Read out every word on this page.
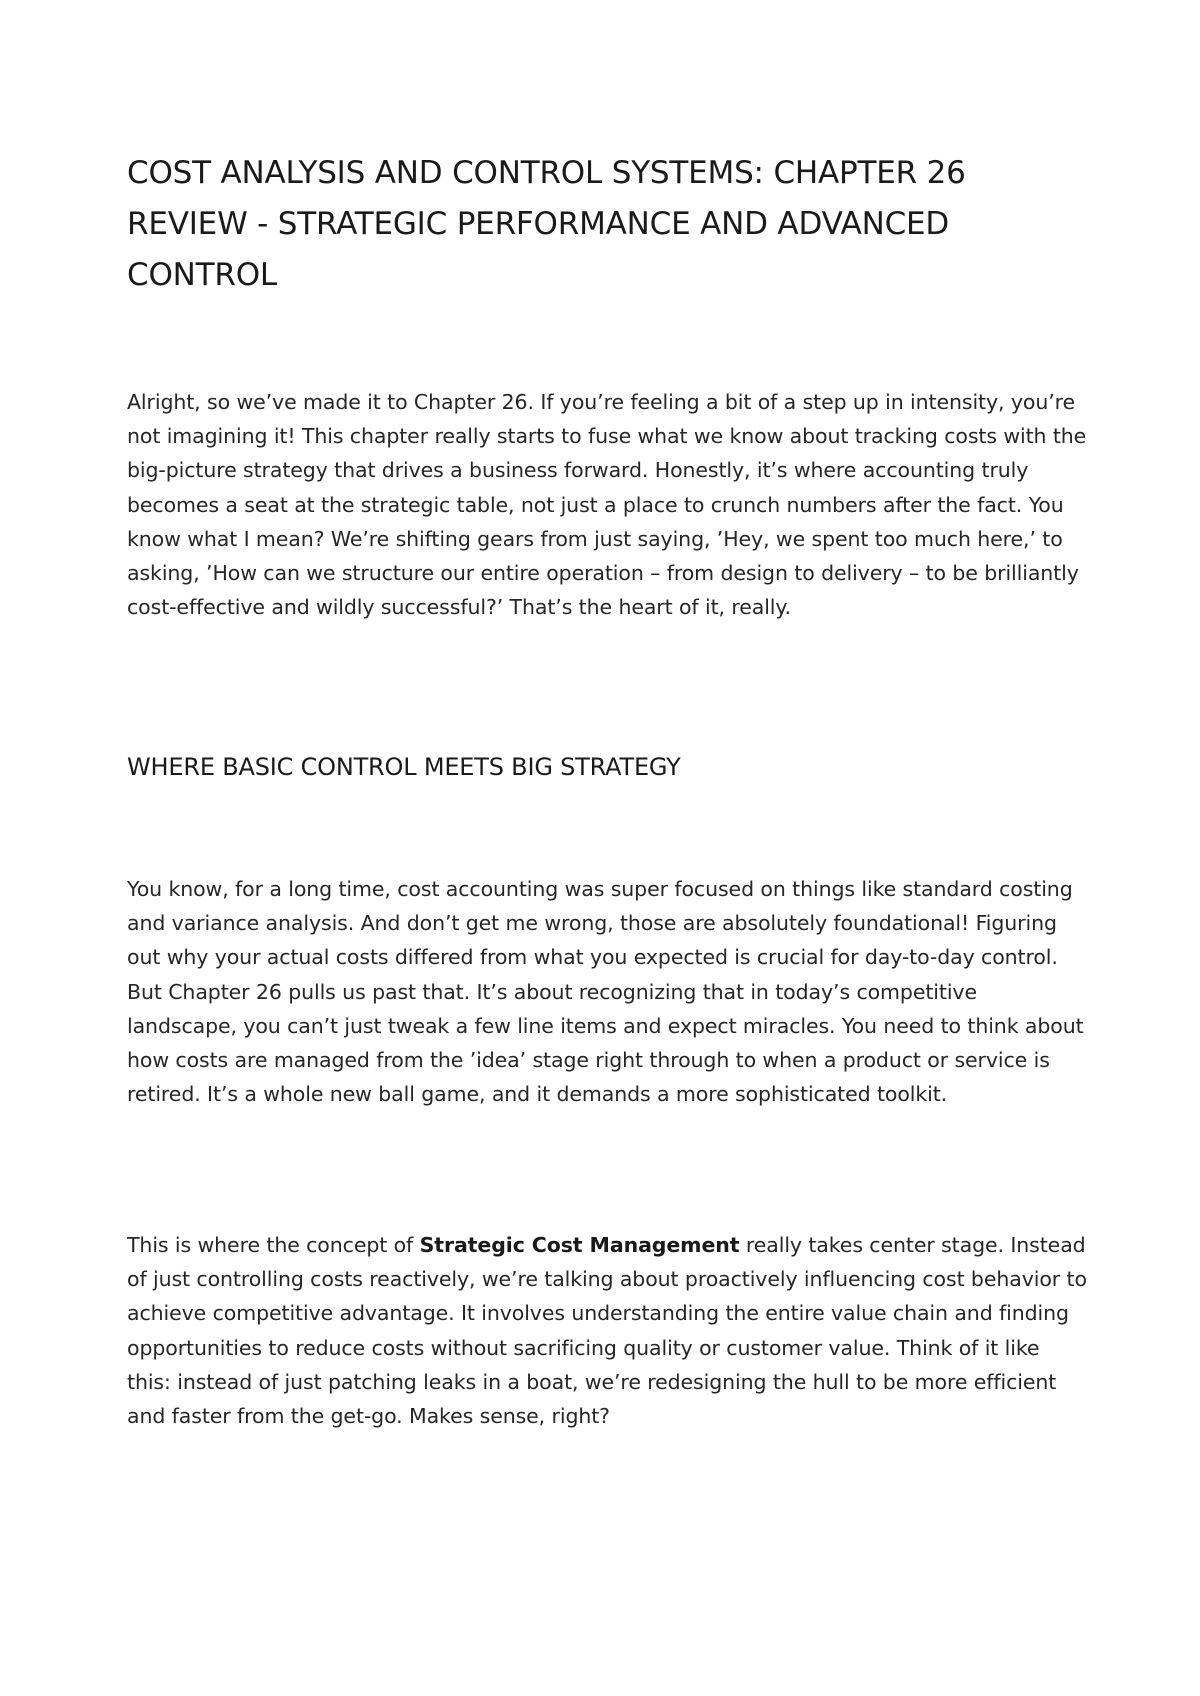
COST ANALYSIS AND CONTROL SYSTEMS: CHAPTER 26 REVIEW - STRATEGIC PERFORMANCE AND ADVANCED CONTROL

Alright, so we’ve made it to Chapter 26. If you’re feeling a bit of a step up in intensity, you’re not imagining it! This chapter really starts to fuse what we know about tracking costs with the big-picture strategy that drives a business forward. Honestly, it’s where accounting truly becomes a seat at the strategic table, not just a place to crunch numbers after the fact. You know what I mean? We’re shifting gears from just saying, ’Hey, we spent too much here,’ to asking, ’How can we structure our entire operation – from design to delivery – to be brilliantly cost-effective and wildly successful?’ That’s the heart of it, really.

WHERE BASIC CONTROL MEETS BIG STRATEGY

You know, for a long time, cost accounting was super focused on things like standard costing and variance analysis. And don’t get me wrong, those are absolutely foundational! Figuring out why your actual costs differed from what you expected is crucial for day-to-day control. But Chapter 26 pulls us past that. It’s about recognizing that in today’s competitive landscape, you can’t just tweak a few line items and expect miracles. You need to think about how costs are managed from the ’idea’ stage right through to when a product or service is retired. It’s a whole new ball game, and it demands a more sophisticated toolkit.

This is where the concept of Strategic Cost Management really takes center stage. Instead of just controlling costs reactively, we’re talking about proactively influencing cost behavior to achieve competitive advantage. It involves understanding the entire value chain and finding opportunities to reduce costs without sacrificing quality or customer value. Think of it like this: instead of just patching leaks in a boat, we’re redesigning the hull to be more efficient and faster from the get-go. Makes sense, right?
